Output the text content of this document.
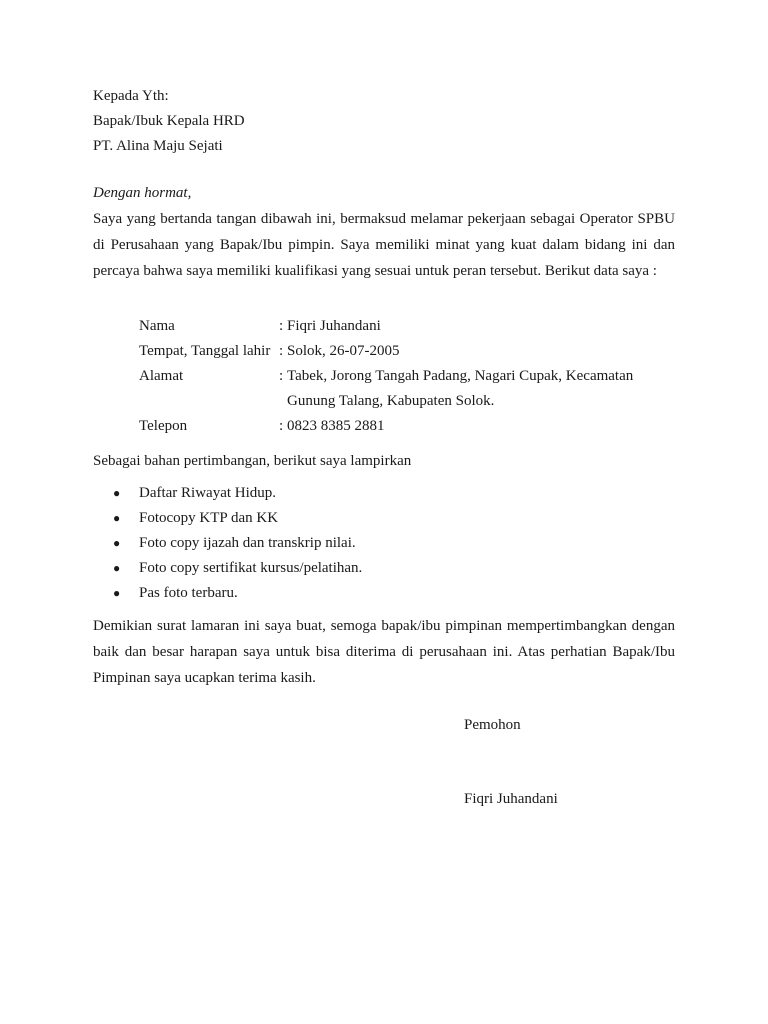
Kepada Yth:
Bapak/Ibuk Kepala HRD
PT. Alina Maju Sejati
Dengan hormat,
Saya yang bertanda tangan dibawah ini, bermaksud melamar pekerjaan sebagai Operator SPBU di Perusahaan yang Bapak/Ibu pimpin. Saya memiliki minat yang kuat dalam bidang ini dan percaya bahwa saya memiliki kualifikasi yang sesuai untuk peran tersebut. Berikut data saya :
Nama	:	Fiqri Juhandani
Tempat, Tanggal lahir	:	Solok, 26-07-2005
Alamat	:	Tabek, Jorong Tangah Padang, Nagari Cupak, Kecamatan Gunung Talang, Kabupaten Solok.
Telepon	:	0823 8385 2881
Sebagai bahan pertimbangan, berikut saya lampirkan
● Daftar Riwayat Hidup.
● Fotocopy KTP dan KK
● Foto copy ijazah dan transkrip nilai.
● Foto copy sertifikat kursus/pelatihan.
● Pas foto terbaru.
Demikian surat lamaran ini saya buat, semoga bapak/ibu pimpinan mempertimbangkan dengan baik dan besar harapan saya untuk bisa diterima di perusahaan ini. Atas perhatian Bapak/Ibu Pimpinan saya ucapkan terima kasih.
Pemohon
Fiqri Juhandani
